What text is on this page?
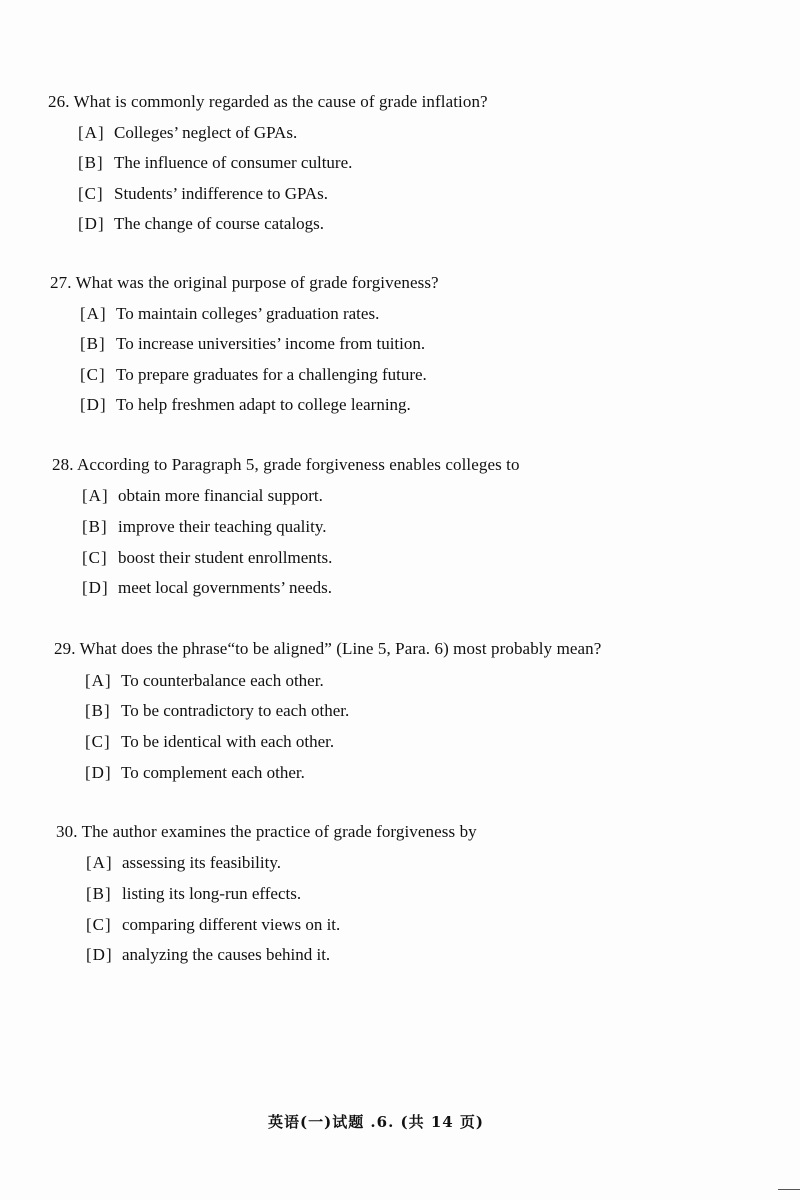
26. What is commonly regarded as the cause of grade inflation?
[A] Colleges’ neglect of GPAs.
[B] The influence of consumer culture.
[C] Students’ indifference to GPAs.
[D] The change of course catalogs.
27. What was the original purpose of grade forgiveness?
[A] To maintain colleges’ graduation rates.
[B] To increase universities’ income from tuition.
[C] To prepare graduates for a challenging future.
[D] To help freshmen adapt to college learning.
28. According to Paragraph 5, grade forgiveness enables colleges to
[A] obtain more financial support.
[B] improve their teaching quality.
[C] boost their student enrollments.
[D] meet local governments’ needs.
29. What does the phrase“to be aligned” (Line 5, Para. 6) most probably mean?
[A] To counterbalance each other.
[B] To be contradictory to each other.
[C] To be identical with each other.
[D] To complement each other.
30. The author examines the practice of grade forgiveness by
[A] assessing its feasibility.
[B] listing its long-run effects.
[C] comparing different views on it.
[D] analyzing the causes behind it.
英语(一)试题 .6. (共 14 页)
